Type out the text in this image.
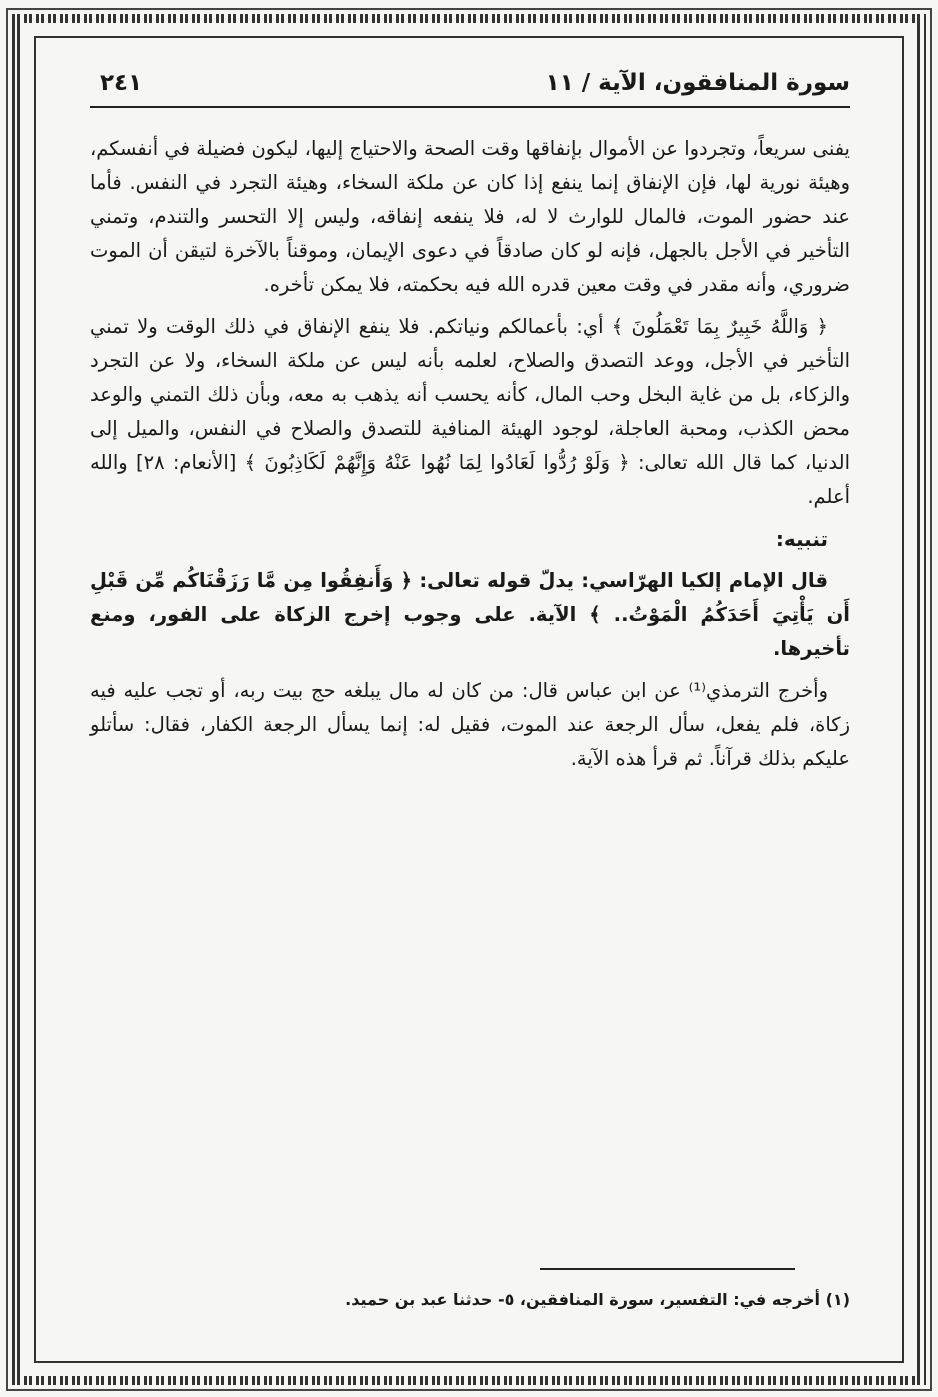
سورة المنافقون، الآية / ١١
٢٤١

يفنى سريعاً، وتجردوا عن الأموال بإنفاقها وقت الصحة والاحتياج إليها، ليكون فضيلة في أنفسكم، وهيئة نورية لها، فإن الإنفاق إنما ينفع إذا كان عن ملكة السخاء، وهيئة التجرد في النفس. فأما عند حضور الموت، فالمال للوارث لا له، فلا ينفعه إنفاقه، وليس إلا التحسر والتندم، وتمني التأخير في الأجل بالجهل، فإنه لو كان صادقاً في دعوى الإيمان، وموقناً بالآخرة لتيقن أن الموت ضروري، وأنه مقدر في وقت معين قدره الله فيه بحكمته، فلا يمكن تأخره.

﴿ وَاللَّهُ خَبِيرٌ بِمَا تَعْمَلُونَ ﴾ أي: بأعمالكم ونياتكم. فلا ينفع الإنفاق في ذلك الوقت ولا تمني التأخير في الأجل، ووعد التصدق والصلاح، لعلمه بأنه ليس عن ملكة السخاء، ولا عن التجرد والزكاء، بل من غاية البخل وحب المال، كأنه يحسب أنه يذهب به معه، وبأن ذلك التمني والوعد محض الكذب، ومحبة العاجلة، لوجود الهيئة المنافية للتصدق والصلاح في النفس، والميل إلى الدنيا، كما قال الله تعالى: ﴿ وَلَوْ رُدُّوا لَعَادُوا لِمَا نُهُوا عَنْهُ وَإِنَّهُمْ لَكَاذِبُونَ ﴾ [الأنعام: ٢٨] والله أعلم.

تنبيه:

قال الإمام إلكيا الهرّاسي: يدلّ قوله تعالى: ﴿ وَأَنفِقُوا مِن مَّا رَزَقْنَاكُم مِّن قَبْلِ أَن يَأْتِيَ أَحَدَكُمُ الْمَوْتُ.. ﴾ الآية. على وجوب إخرج الزكاة على الفور، ومنع تأخيرها.

وأخرج الترمذي⁽¹⁾ عن ابن عباس قال: من كان له مال يبلغه حج بيت ربه، أو تجب عليه فيه زكاة، فلم يفعل، سأل الرجعة عند الموت، فقيل له: إنما يسأل الرجعة الكفار، فقال: سأتلو عليكم بذلك قرآناً. ثم قرأ هذه الآية.

(١) أخرجه في: التفسير، سورة المنافقين، ٥- حدثنا عبد بن حميد.
